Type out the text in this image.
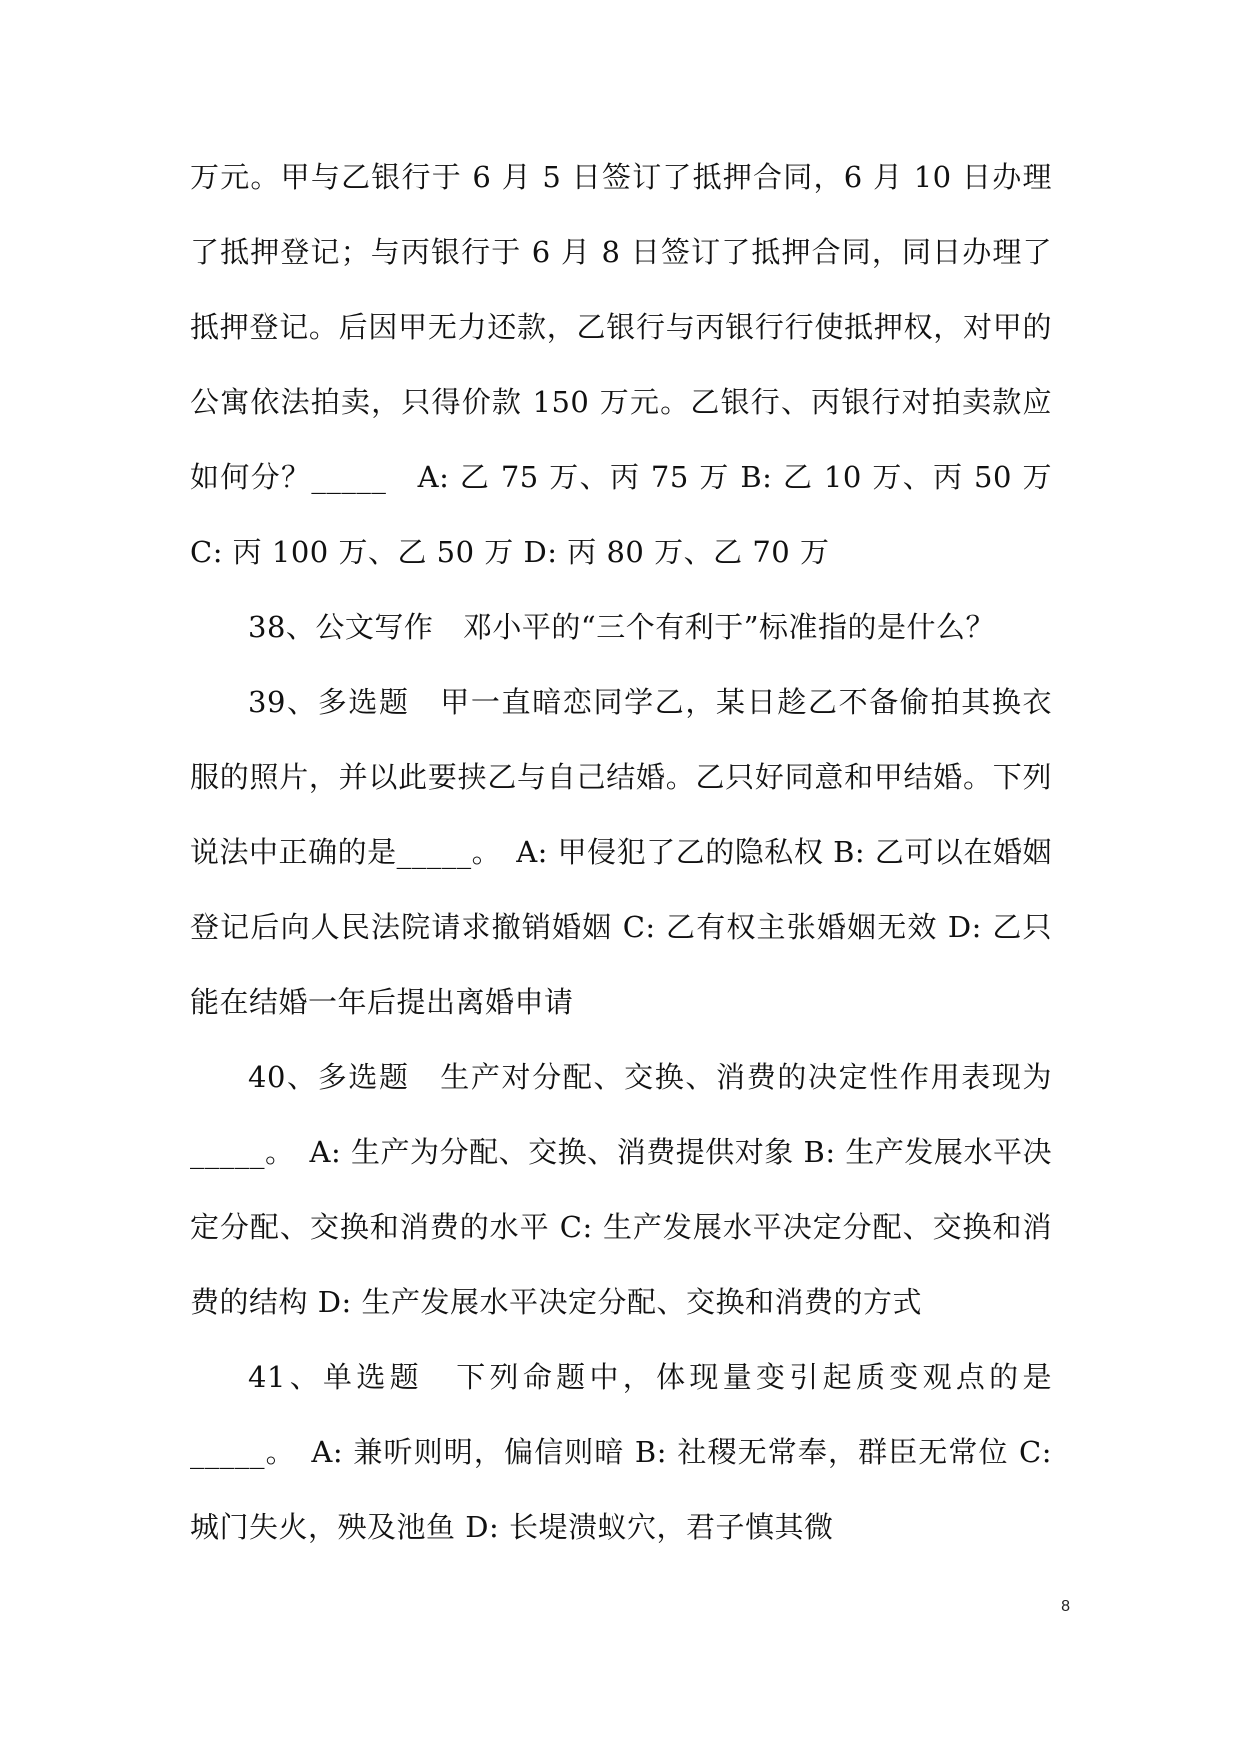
万元。甲与乙银行于 6 月 5 日签订了抵押合同，6 月 10 日办理了抵押登记；与丙银行于 6 月 8 日签订了抵押合同，同日办理了抵押登记。后因甲无力还款，乙银行与丙银行行使抵押权，对甲的公寓依法拍卖，只得价款 150 万元。乙银行、丙银行对拍卖款应如何分？_____　A: 乙 75 万、丙 75 万 B: 乙 10 万、丙 50 万 C: 丙 100 万、乙 50 万 D: 丙 80 万、乙 70 万

38、公文写作　邓小平的“三个有利于”标准指的是什么？

39、多选题　甲一直暗恋同学乙，某日趁乙不备偷拍其换衣服的照片，并以此要挟乙与自己结婚。乙只好同意和甲结婚。下列说法中正确的是_____。　A: 甲侵犯了乙的隐私权 B: 乙可以在婚姻登记后向人民法院请求撤销婚姻 C: 乙有权主张婚姻无效 D: 乙只能在结婚一年后提出离婚申请

40、多选题　生产对分配、交换、消费的决定性作用表现为_____。　A: 生产为分配、交换、消费提供对象 B: 生产发展水平决定分配、交换和消费的水平 C: 生产发展水平决定分配、交换和消费的结构 D: 生产发展水平决定分配、交换和消费的方式

41、单选题　下列命题中，体现量变引起质变观点的是_____。　A: 兼听则明，偏信则暗 B: 社稷无常奉，群臣无常位 C: 城门失火，殃及池鱼 D: 长堤溃蚁穴，君子慎其微

8
